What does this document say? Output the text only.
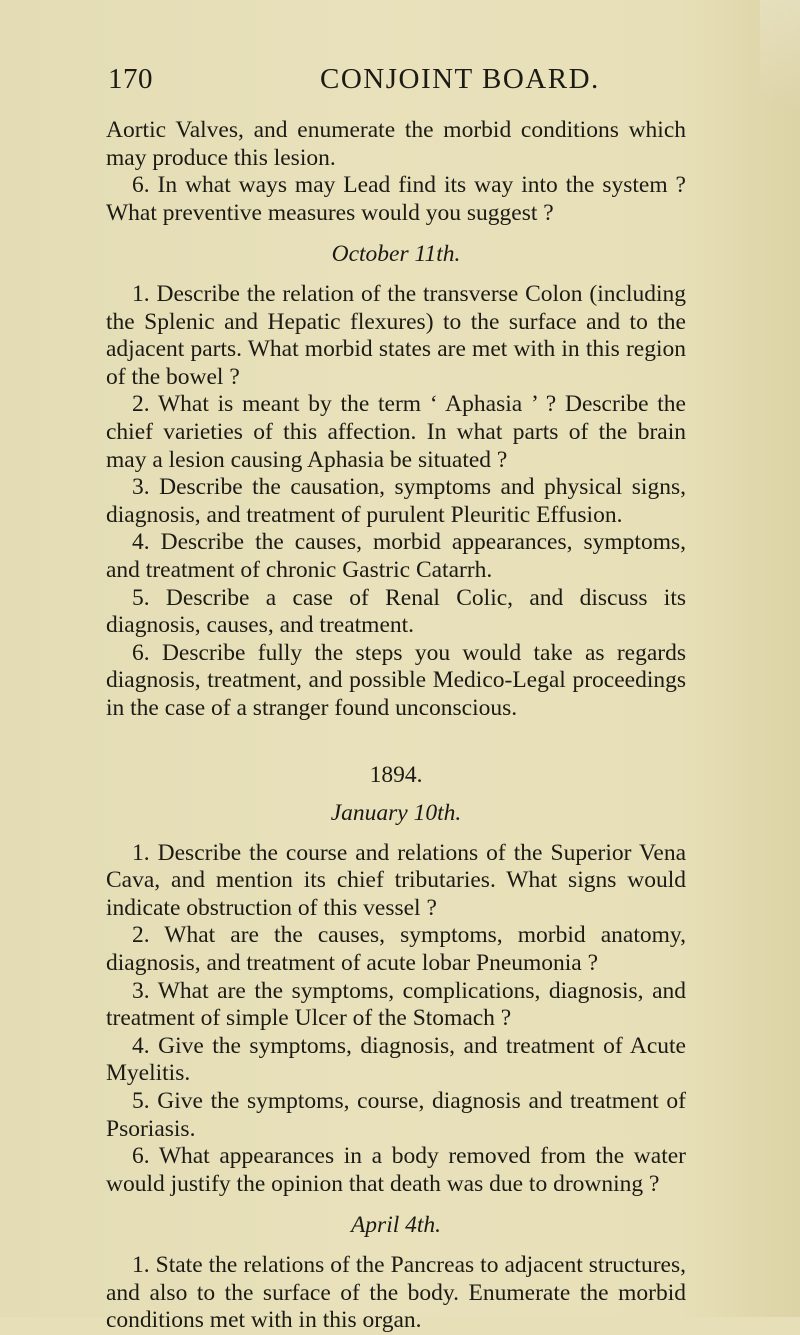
170	CONJOINT BOARD.

Aortic Valves, and enumerate the morbid conditions which may produce this lesion.

6. In what ways may Lead find its way into the system ? What preventive measures would you suggest ?

October 11th.

1. Describe the relation of the transverse Colon (including the Splenic and Hepatic flexures) to the surface and to the adjacent parts. What morbid states are met with in this region of the bowel ?

2. What is meant by the term ‘ Aphasia ’ ? Describe the chief varieties of this affection. In what parts of the brain may a lesion causing Aphasia be situated ?

3. Describe the causation, symptoms and physical signs, diagnosis, and treatment of purulent Pleuritic Effusion.

4. Describe the causes, morbid appearances, symptoms, and treatment of chronic Gastric Catarrh.

5. Describe a case of Renal Colic, and discuss its diagnosis, causes, and treatment.

6. Describe fully the steps you would take as regards diagnosis, treatment, and possible Medico-Legal proceedings in the case of a stranger found unconscious.

1894.

January 10th.

1. Describe the course and relations of the Superior Vena Cava, and mention its chief tributaries. What signs would indicate obstruction of this vessel ?

2. What are the causes, symptoms, morbid anatomy, diagnosis, and treatment of acute lobar Pneumonia ?

3. What are the symptoms, complications, diagnosis, and treatment of simple Ulcer of the Stomach ?

4. Give the symptoms, diagnosis, and treatment of Acute Myelitis.

5. Give the symptoms, course, diagnosis and treatment of Psoriasis.

6. What appearances in a body removed from the water would justify the opinion that death was due to drowning ?

April 4th.

1. State the relations of the Pancreas to adjacent structures, and also to the surface of the body. Enumerate the morbid conditions met with in this organ.
